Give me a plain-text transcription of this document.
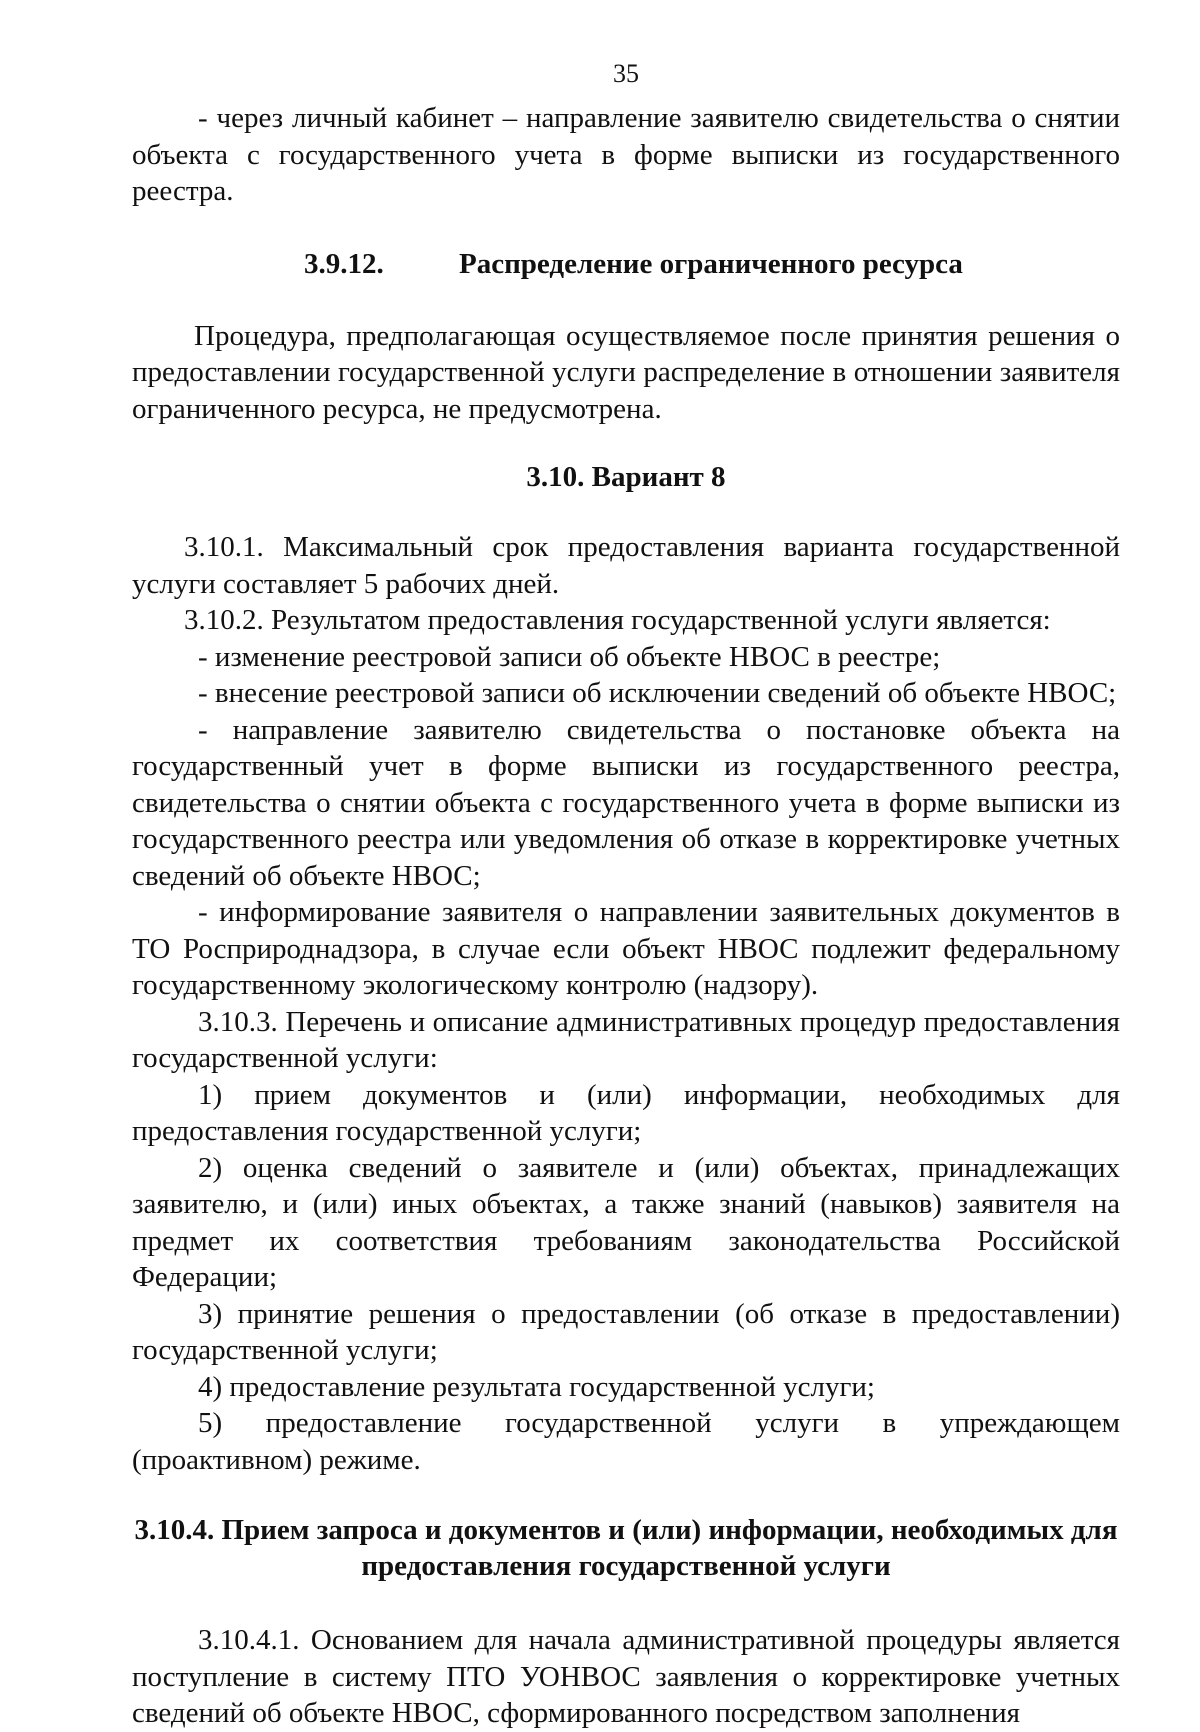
35

- через личный кабинет – направление заявителю свидетельства о снятии объекта с государственного учета в форме выписки из государственного реестра.

3.9.12.	Распределение ограниченного ресурса

Процедура, предполагающая осуществляемое после принятия решения о предоставлении государственной услуги распределение в отношении заявителя ограниченного ресурса, не предусмотрена.

3.10. Вариант 8

3.10.1. Максимальный срок предоставления варианта государственной услуги составляет 5 рабочих дней.

3.10.2. Результатом предоставления государственной услуги является:

- изменение реестровой записи об объекте НВОС в реестре;

- внесение реестровой записи об исключении сведений об объекте НВОС;

- направление заявителю свидетельства о постановке объекта на государственный учет в форме выписки из государственного реестра, свидетельства о снятии объекта с государственного учета в форме выписки из государственного реестра или уведомления об отказе в корректировке учетных сведений об объекте НВОС;

- информирование заявителя о направлении заявительных документов в ТО Росприроднадзора, в случае если объект НВОС подлежит федеральному государственному экологическому контролю (надзору).

3.10.3. Перечень и описание административных процедур предоставления государственной услуги:

1) прием документов и (или) информации, необходимых для предоставления государственной услуги;

2) оценка сведений о заявителе и (или) объектах, принадлежащих заявителю, и (или) иных объектах, а также знаний (навыков) заявителя на предмет их соответствия требованиям законодательства Российской Федерации;

3) принятие решения о предоставлении (об отказе в предоставлении) государственной услуги;

4) предоставление результата государственной услуги;

5) предоставление государственной услуги в упреждающем (проактивном) режиме.

3.10.4. Прием запроса и документов и (или) информации, необходимых для предоставления государственной услуги

3.10.4.1. Основанием для начала административной процедуры является поступление в систему ПТО УОНВОС заявления о корректировке учетных сведений об объекте НВОС, сформированного посредством заполнения
